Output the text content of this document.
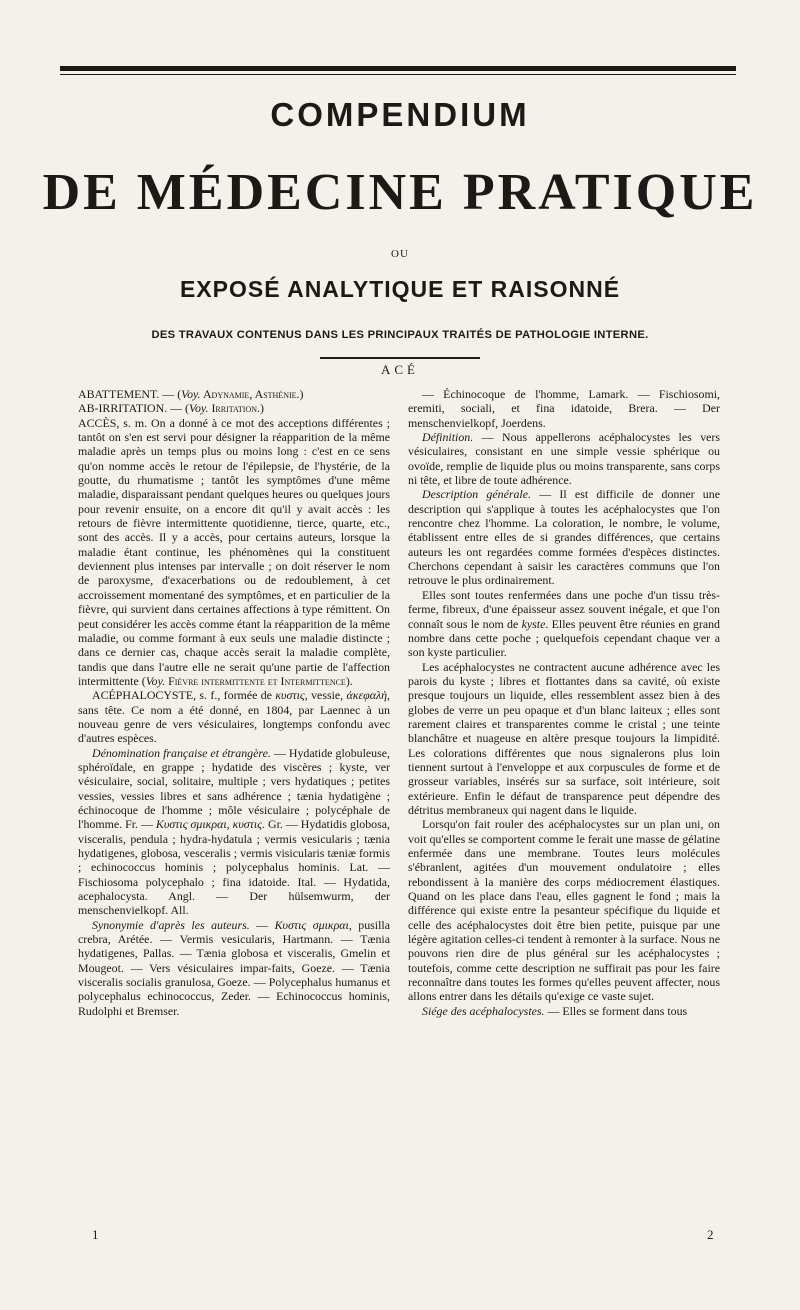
COMPENDIUM
DE MÉDECINE PRATIQUE
OU
EXPOSÉ ANALYTIQUE ET RAISONNÉ
DES TRAVAUX CONTENUS DANS LES PRINCIPAUX TRAITÉS DE PATHOLOGIE INTERNE.
ACÉ

ABATTEMENT. — (Voy. Adynamie, Asthénie.)

AB-IRRITATION. — (Voy. Irritation.)

ACCÈS, s. m. On a donné à ce mot des acceptions différentes ; tantôt on s'en est servi pour désigner la réapparition de la même maladie après un temps plus ou moins long : c'est en ce sens qu'on nomme accès le retour de l'épilepsie, de l'hystérie, de la goutte, du rhumatisme ; tantôt les symptômes d'une même maladie, disparaissant pendant quelques heures ou quelques jours pour revenir ensuite, on a encore dit qu'il y avait accès : les retours de fièvre intermittente quotidienne, tierce, quarte, etc., sont des accès. Il y a accès, pour certains auteurs, lorsque la maladie étant continue, les phénomènes qui la constituent deviennent plus intenses par intervalle ; on doit réserver le nom de paroxysme, d'exacerbations ou de redoublement, à cet accroissement momentané des symptômes, et en particulier de la fièvre, qui survient dans certaines affections à type rémittent. On peut considérer les accès comme étant la réapparition de la même maladie, ou comme formant à eux seuls une maladie distincte ; dans ce dernier cas, chaque accès serait la maladie complète, tandis que dans l'autre elle ne serait qu'une partie de l'affection intermittente (Voy. Fièvre intermittente et Intermittence).

ACÉPHALOCYSTE, s. f., formée de κυστις, vessie, ἀκεφαλὴ, sans tête. Ce nom a été donné, en 1804, par Laennec à un nouveau genre de vers vésiculaires, longtemps confondu avec d'autres espèces.

Dénomination française et étrangère. — Hydatide globuleuse, sphéroïdale, en grappe ; hydatide des viscères ; kyste, ver vésiculaire, social, solitaire, multiple ; vers hydatiques ; petites vessies, vessies libres et sans adhérence ; tænia hydatigène ; échinocoque de l'homme ; môle vésiculaire ; polycéphale de l'homme. Fr. — Κυστις σμικραι, κυστις. Gr. — Hydatidis globosa, visceralis, pendula ; hydra-hydatula ; vermis vesicularis ; tænia hydatigenes, globosa, vesceralis ; vermis visicularis tæniæ formis ; echinococcus hominis ; polycephalus hominis. Lat. — Fischiosoma polycephalo ; fina idatoide. Ital. — Hydatida, acephalocysta. Angl. — Der hülsemwurm, der menschenvielkopf. All.

Synonymie d'après les auteurs. — Κυστις σμικραι, pusilla crebra, Arétée. — Vermis vesicularis, Hartmann. — Tænia hydatigenes, Pallas. — Tænia globosa et visceralis, Gmelin et Mougeot. — Vers vésiculaires impar-faits, Goeze. — Tænia visceralis socialis granulosa, Goeze. — Polycephalus humanus et polycephalus echinococcus, Zeder. — Echinococcus hominis, Rudolphi et Bremser.

— Échinocoque de l'homme, Lamark. — Fischiosomi, eremiti, sociali, et fina idatoide, Brera. — Der menschenvielkopf, Joerdens.

Définition. — Nous appellerons acéphalocystes les vers vésiculaires, consistant en une simple vessie sphérique ou ovoïde, remplie de liquide plus ou moins transparente, sans corps ni tête, et libre de toute adhérence.

Description générale. — Il est difficile de donner une description qui s'applique à toutes les acéphalocystes que l'on rencontre chez l'homme. La coloration, le nombre, le volume, établissent entre elles de si grandes différences, que certains auteurs les ont regardées comme formées d'espèces distinctes. Cherchons cependant à saisir les caractères communs que l'on retrouve le plus ordinairement.

Elles sont toutes renfermées dans une poche d'un tissu très-ferme, fibreux, d'une épaisseur assez souvent inégale, et que l'on connaît sous le nom de kyste. Elles peuvent être réunies en grand nombre dans cette poche ; quelquefois cependant chaque ver a son kyste particulier.

Les acéphalocystes ne contractent aucune adhérence avec les parois du kyste ; libres et flottantes dans sa cavité, où existe presque toujours un liquide, elles ressemblent assez bien à des globes de verre un peu opaque et d'un blanc laiteux ; elles sont rarement claires et transparentes comme le cristal ; une teinte blanchâtre et nuageuse en altère presque toujours la limpidité. Les colorations différentes que nous signalerons plus loin tiennent surtout à l'enveloppe et aux corpuscules de forme et de grosseur variables, insérés sur sa surface, soit intérieure, soit extérieure. Enfin le défaut de transparence peut dépendre des détritus membraneux qui nagent dans le liquide.

Lorsqu'on fait rouler des acéphalocystes sur un plan uni, on voit qu'elles se comportent comme le ferait une masse de gélatine enfermée dans une membrane. Toutes leurs molécules s'ébranlent, agitées d'un mouvement ondulatoire ; elles rebondissent à la manière des corps médiocrement élastiques. Quand on les place dans l'eau, elles gagnent le fond ; mais la différence qui existe entre la pesanteur spécifique du liquide et celle des acéphalocystes doit être bien petite, puisque par une légère agitation celles-ci tendent à remonter à la surface. Nous ne pouvons rien dire de plus général sur les acéphalocystes ; toutefois, comme cette description ne suffirait pas pour les faire reconnaître dans toutes les formes qu'elles peuvent affecter, nous allons entrer dans les détails qu'exige ce vaste sujet.

Siége des acéphalocystes. — Elles se forment dans tous

1	2
